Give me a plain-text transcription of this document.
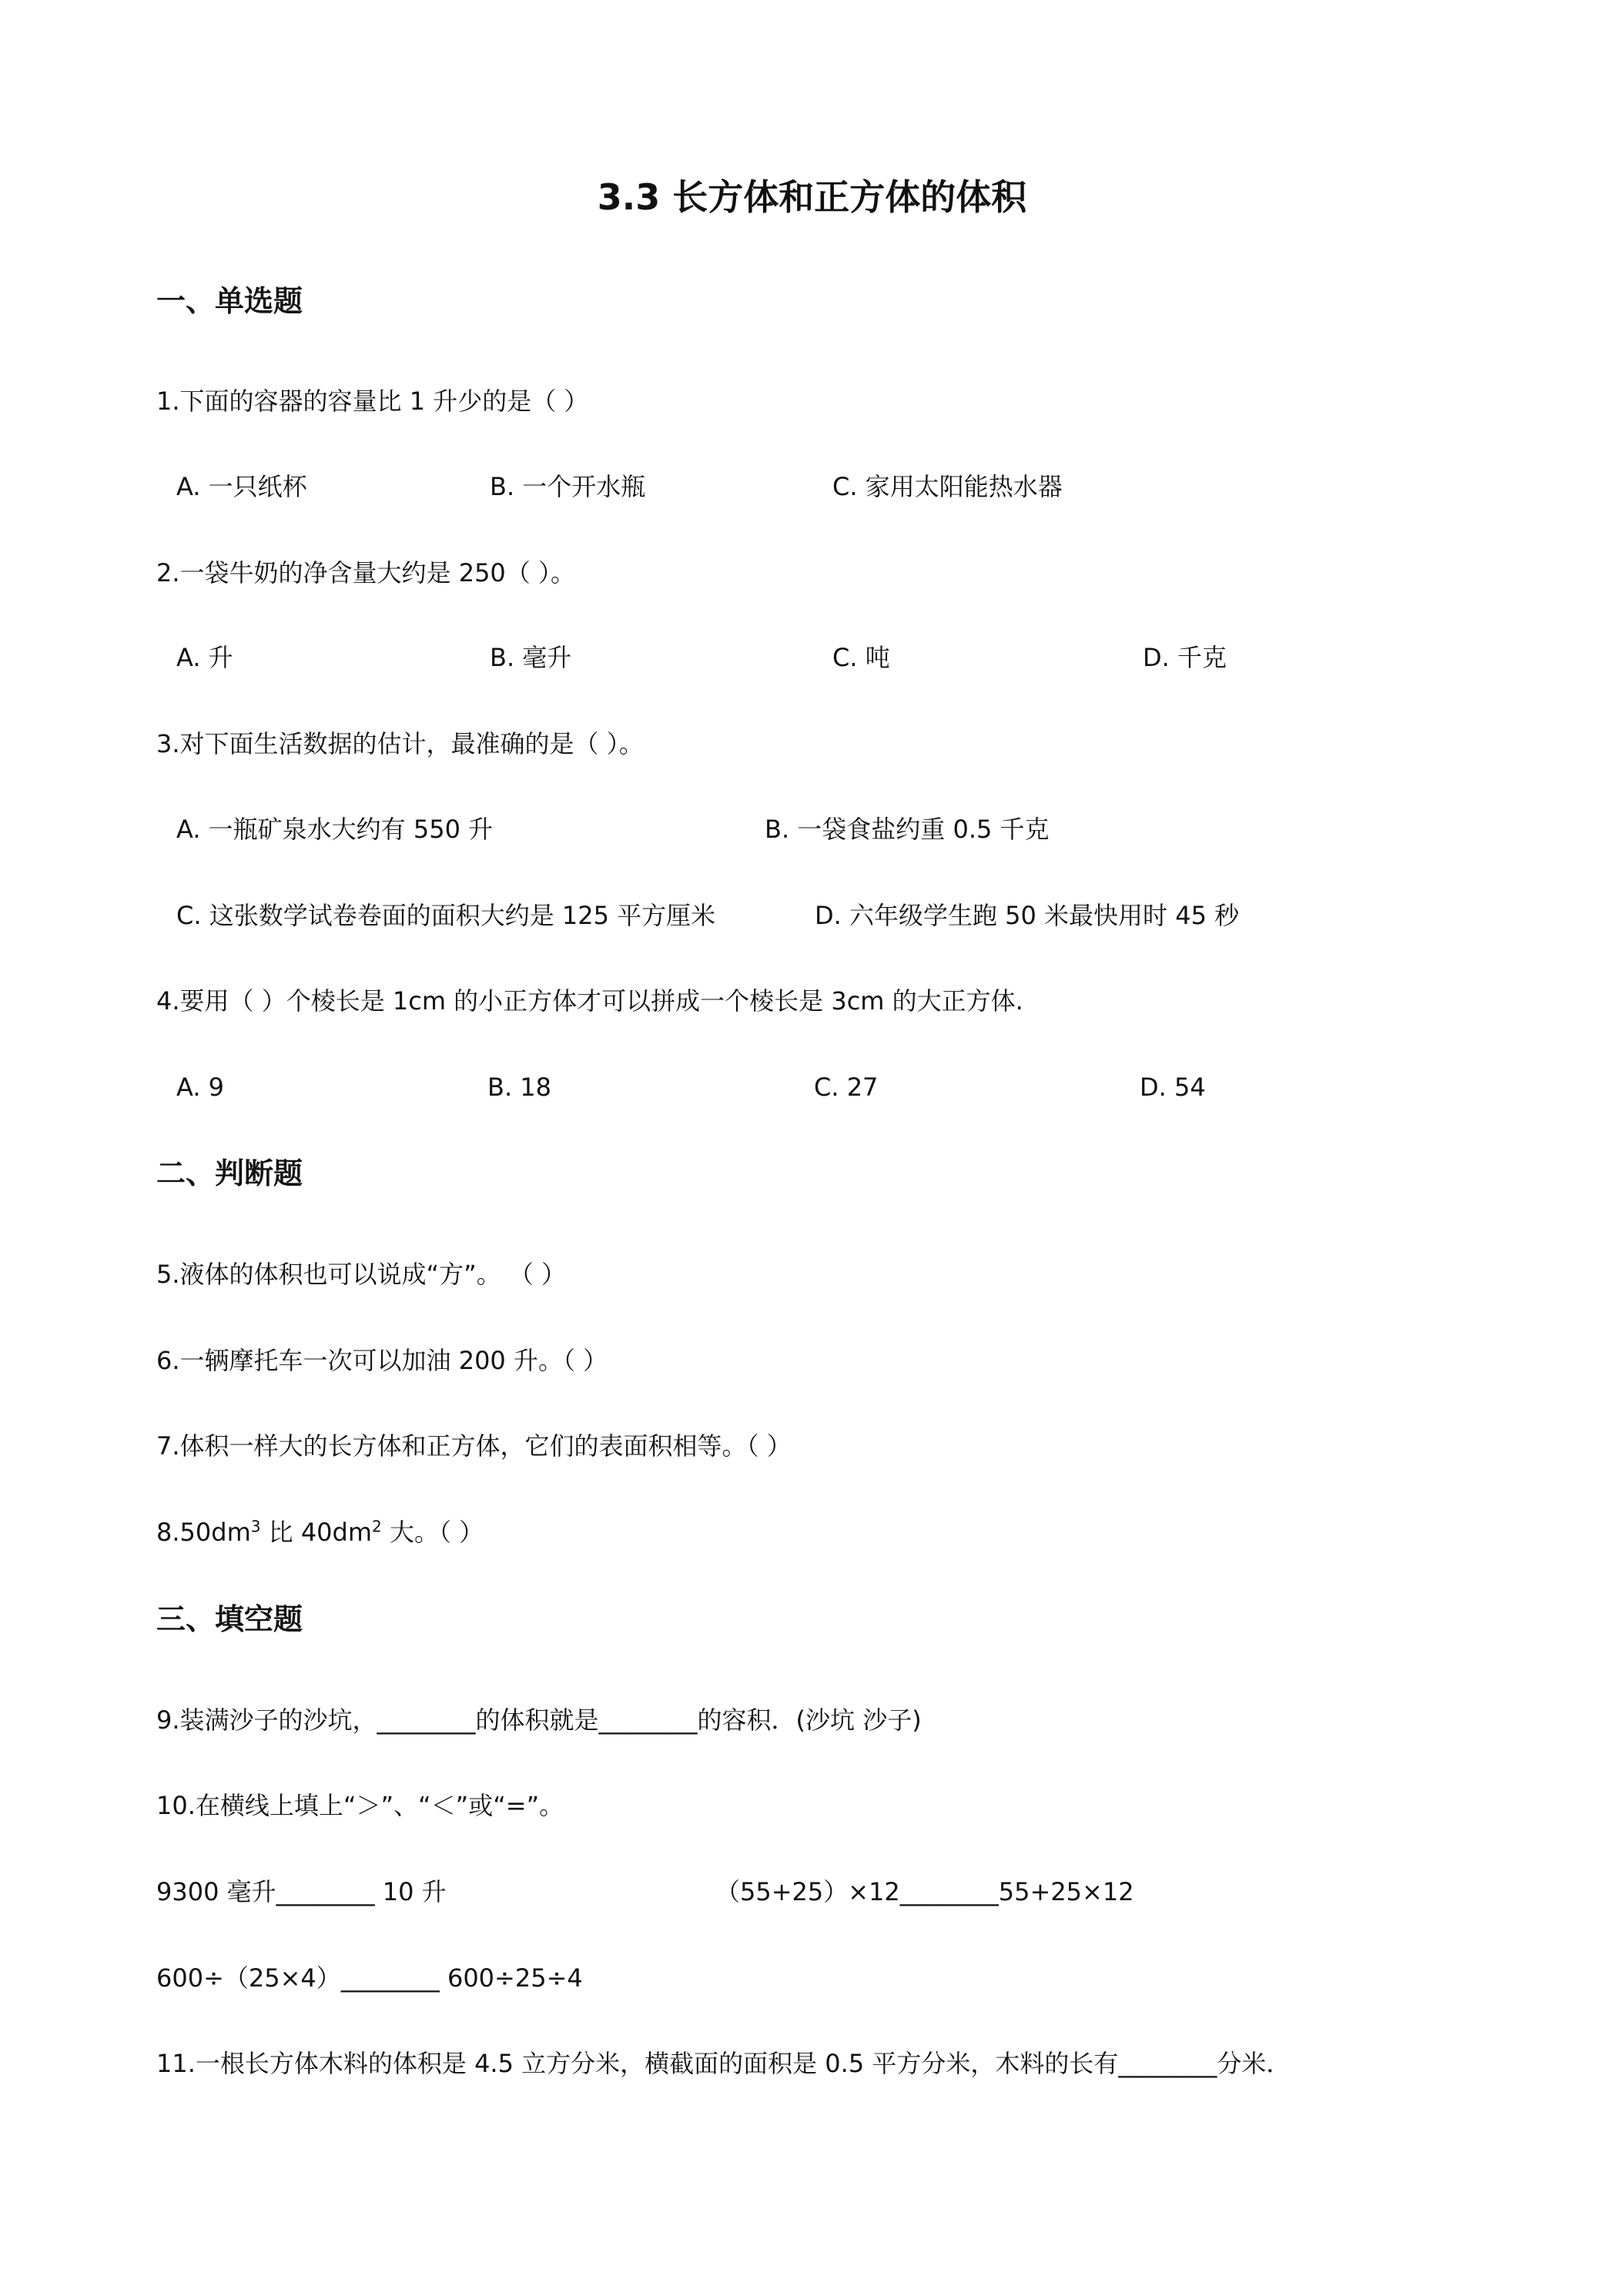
3.3 长方体和正方体的体积
一、单选题
1.下面的容器的容量比 1 升少的是（ ）
A. 一只纸杯	B. 一个开水瓶	C. 家用太阳能热水器
2.一袋牛奶的净含量大约是 250（ ）。
A. 升	B. 毫升	C. 吨	D. 千克
3.对下面生活数据的估计，最准确的是（ ）。
A. 一瓶矿泉水大约有 550 升	B. 一袋食盐约重 0.5 千克
C. 这张数学试卷卷面的面积大约是 125 平方厘米	D. 六年级学生跑 50 米最快用时 45 秒
4.要用（ ）个棱长是 1cm 的小正方体才可以拼成一个棱长是 3cm 的大正方体.
A. 9	B. 18	C. 27	D. 54
二、判断题
5.液体的体积也可以说成“方”。 （ ）
6.一辆摩托车一次可以加油 200 升。（ ）
7.体积一样大的长方体和正方体，它们的表面积相等。（ ）
$8.50dm^3$ 比 $40dm^2$ 大。（ ）
三、填空题
9.装满沙子的沙坑，________的体积就是________的容积．(沙坑 沙子)
10.在横线上填上“＞”、“＜”或“=”。
9300 毫升________ 10 升	（55+25）×12________55+25×12
600÷（25×4）________ 600÷25÷4
11.一根长方体木料的体积是 4.5 立方分米，横截面的面积是 0.5 平方分米，木料的长有________分米．
